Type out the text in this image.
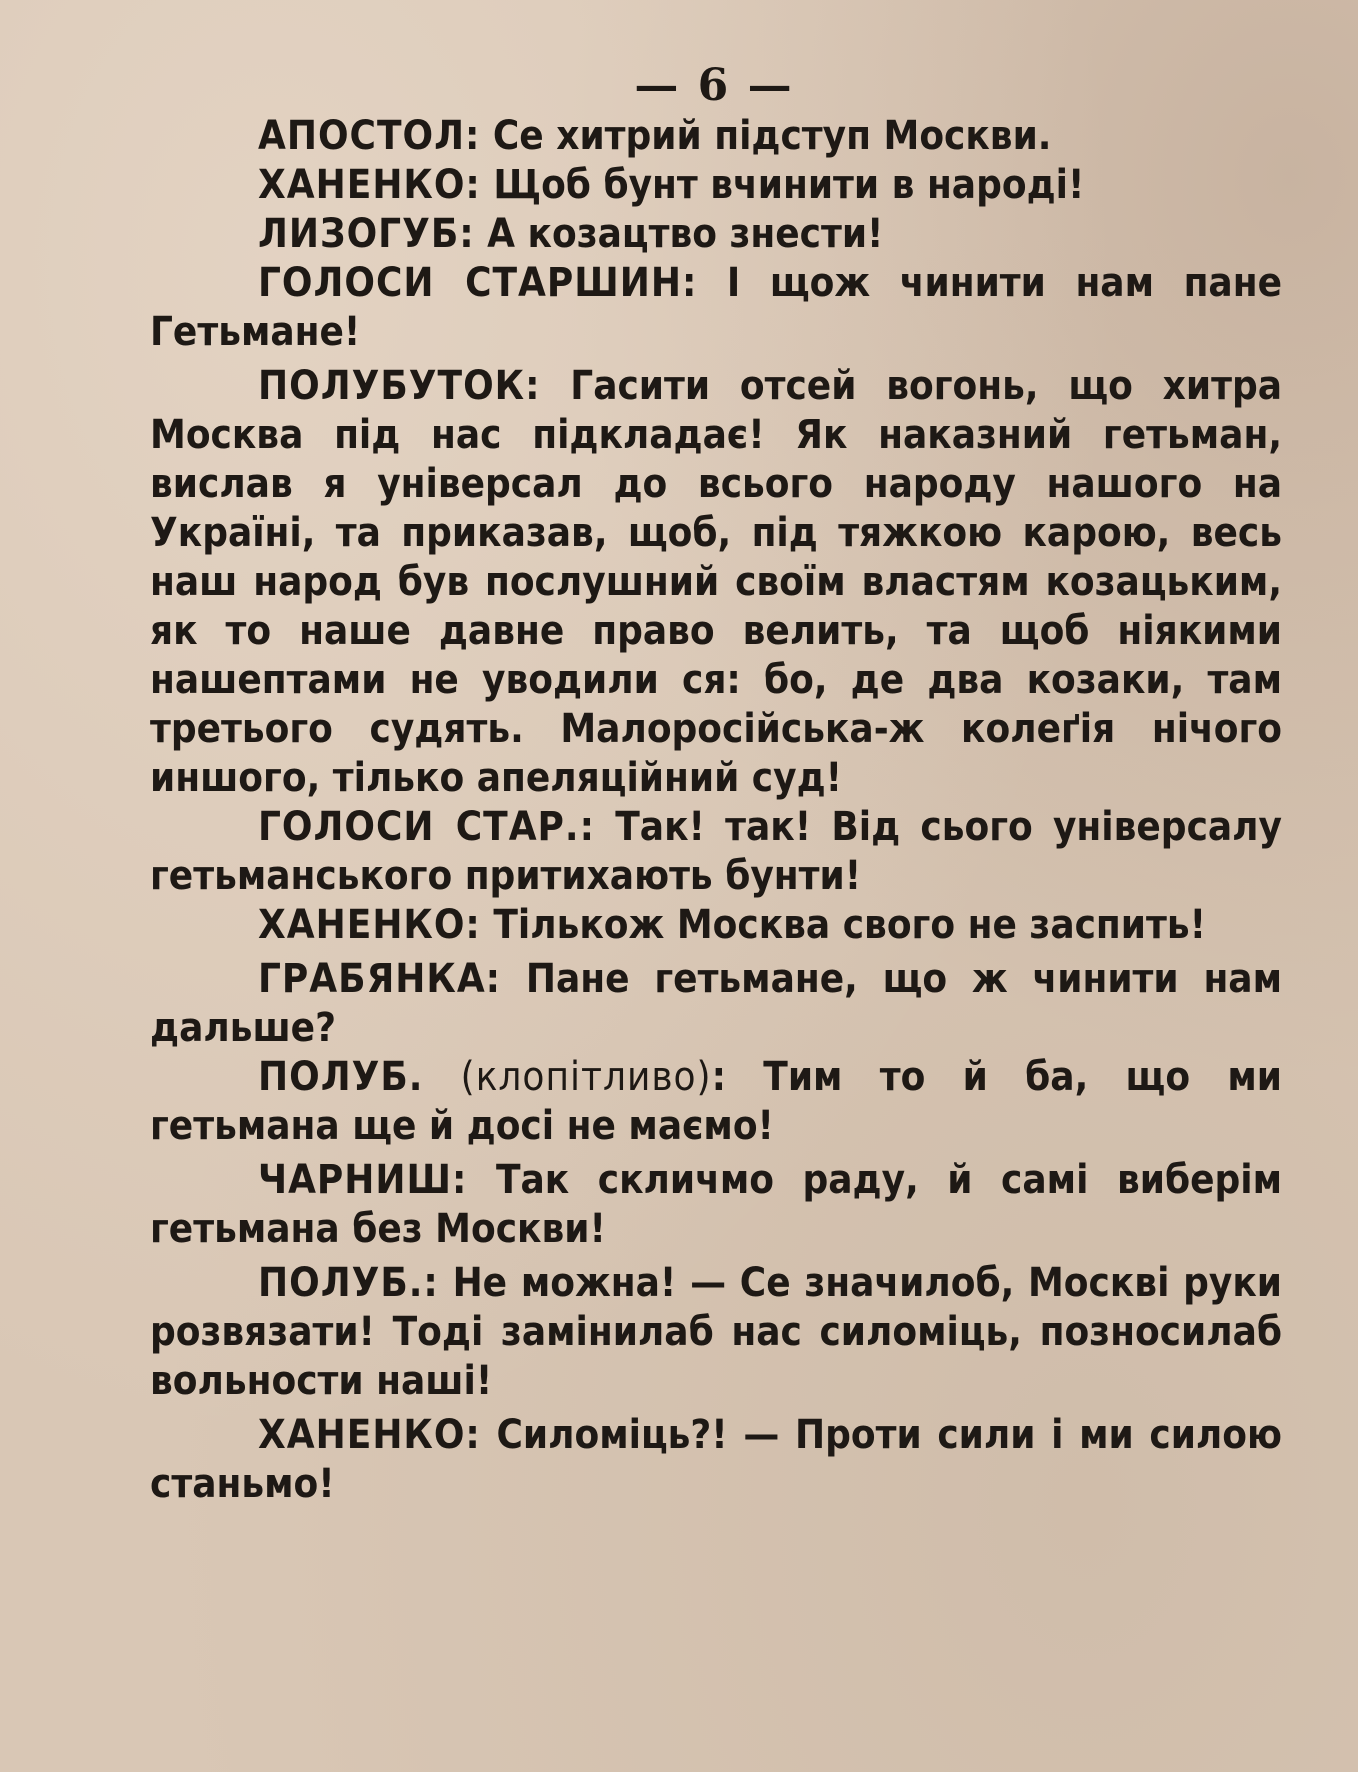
— 6 —

АПОСТОЛ: Се хитрий підступ Москви.

ХАНЕНКО: Щоб бунт вчинити в народі!

ЛИЗОГУБ: А козацтво знести!

ГОЛОСИ СТАРШИН: І щож чинити нам пане Гетьмане!

ПОЛУБУТОК: Гасити отсей вогонь, що хитра Москва під нас підкладає! Як наказний гетьман, вислав я універсал до всього народу нашого на Україні, та приказав, щоб, під тяжкою карою, весь наш народ був послушний своїм властям козацьким, як то наше давне право велить, та щоб ніякими нашептами не уводили ся: бо, де два козаки, там третього судять. Малоросійська-ж колеґія нічого иншого, тілько апеляційний суд!

ГОЛОСИ СТАР.: Так! так! Від сього універсалу гетьманського притихають бунти!

ХАНЕНКО: Тількож Москва свого не заспить!

ГРАБЯНКА: Пане гетьмане, що ж чинити нам дальше?

ПОЛУБ. (клопітливо): Тим то й ба, що ми гетьмана ще й досі не маємо!

ЧАРНИШ: Так скличмо раду, й самі виберім гетьмана без Москви!

ПОЛУБ.: Не можна! — Се значилоб, Москві руки розвязати! Тоді замінилаб нас силоміць, позносилаб вольности наші!

ХАНЕНКО: Силоміць?! — Проти сили і ми силою станьмо!
